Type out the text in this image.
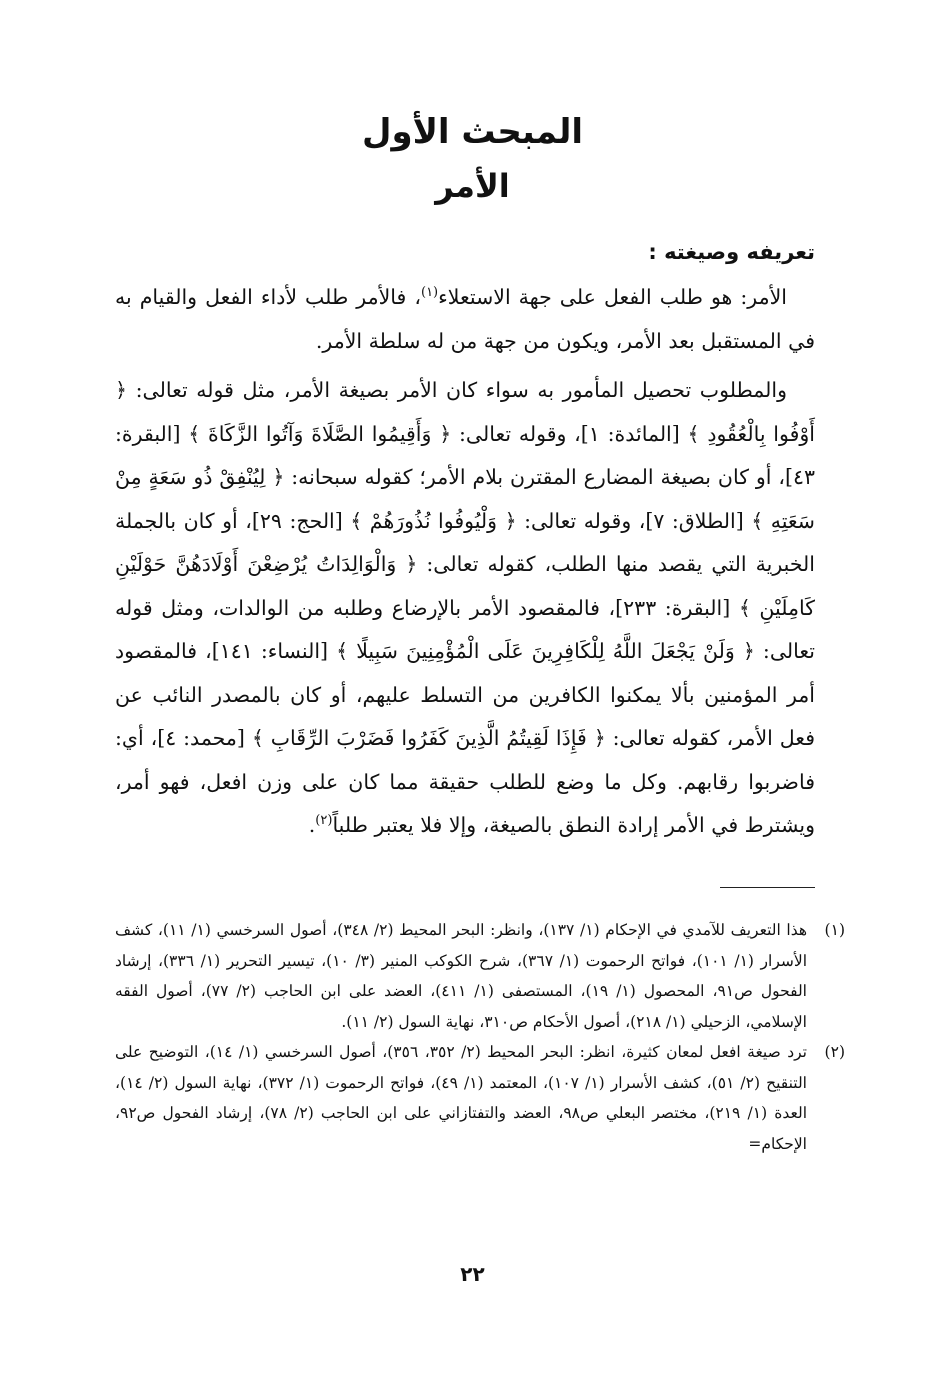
المبحث الأول
الأمر
تعريفه وصيغته :

الأمر: هو طلب الفعل على جهة الاستعلاء$^{(١)}$، فالأمر طلب لأداء الفعل والقيام به في المستقبل بعد الأمر، ويكون من جهة من له سلطة الأمر.

والمطلوب تحصيل المأمور به سواء كان الأمر بصيغة الأمر، مثل قوله تعالى: ﴿ أَوْفُوا بِالْعُقُودِ ﴾ [المائدة: ١]، وقوله تعالى: ﴿ وَأَقِيمُوا الصَّلَاةَ وَآتُوا الزَّكَاةَ ﴾ [البقرة: ٤٣]، أو كان بصيغة المضارع المقترن بلام الأمر؛ كقوله سبحانه: ﴿ لِيُنْفِقْ ذُو سَعَةٍ مِنْ سَعَتِهِ ﴾ [الطلاق: ٧]، وقوله تعالى: ﴿ وَلْيُوفُوا نُذُورَهُمْ ﴾ [الحج: ٢٩]، أو كان بالجملة الخبرية التي يقصد منها الطلب، كقوله تعالى: ﴿ وَالْوَالِدَاتُ يُرْضِعْنَ أَوْلَادَهُنَّ حَوْلَيْنِ كَامِلَيْنِ ﴾ [البقرة: ٢٣٣]، فالمقصود الأمر بالإرضاع وطلبه من الوالدات، ومثل قوله تعالى: ﴿ وَلَنْ يَجْعَلَ اللَّهُ لِلْكَافِرِينَ عَلَى الْمُؤْمِنِينَ سَبِيلًا ﴾ [النساء: ١٤١]، فالمقصود أمر المؤمنين بألا يمكنوا الكافرين من التسلط عليهم، أو كان بالمصدر النائب عن فعل الأمر، كقوله تعالى: ﴿ فَإِذَا لَقِيتُمُ الَّذِينَ كَفَرُوا فَضَرْبَ الرِّقَابِ ﴾ [محمد: ٤]، أي: فاضربوا رقابهم. وكل ما وضع للطلب حقيقة مما كان على وزن افعل، فهو أمر، ويشترط في الأمر إرادة النطق بالصيغة، وإلا فلا يعتبر طلباً$^{(٢)}$.

(١)
هذا التعريف للآمدي في الإحكام (١/ ١٣٧)، وانظر: البحر المحيط (٢/ ٣٤٨)، أصول السرخسي (١/ ١١)، كشف الأسرار (١/ ١٠١)، فواتح الرحموت (١/ ٣٦٧)، شرح الكوكب المنير (٣/ ١٠)، تيسير التحرير (١/ ٣٣٦)، إرشاد الفحول ص٩١، المحصول (١/ ١٩)، المستصفى (١/ ٤١١)، العضد على ابن الحاجب (٢/ ٧٧)، أصول الفقه الإسلامي، الزحيلي (١/ ٢١٨)، أصول الأحكام ص٣١٠، نهاية السول (٢/ ١١).
(٢)
ترد صيغة افعل لمعان كثيرة، انظر: البحر المحيط (٢/ ٣٥٢، ٣٥٦)، أصول السرخسي (١/ ١٤)، التوضيح على التنقيح (٢/ ٥١)، كشف الأسرار (١/ ١٠٧)، المعتمد (١/ ٤٩)، فواتح الرحموت (١/ ٣٧٢)، نهاية السول (٢/ ١٤)، العدة (١/ ٢١٩)، مختصر البعلي ص٩٨، العضد والتفتازاني على ابن الحاجب (٢/ ٧٨)، إرشاد الفحول ص٩٢، الإحكام=
٢٢
